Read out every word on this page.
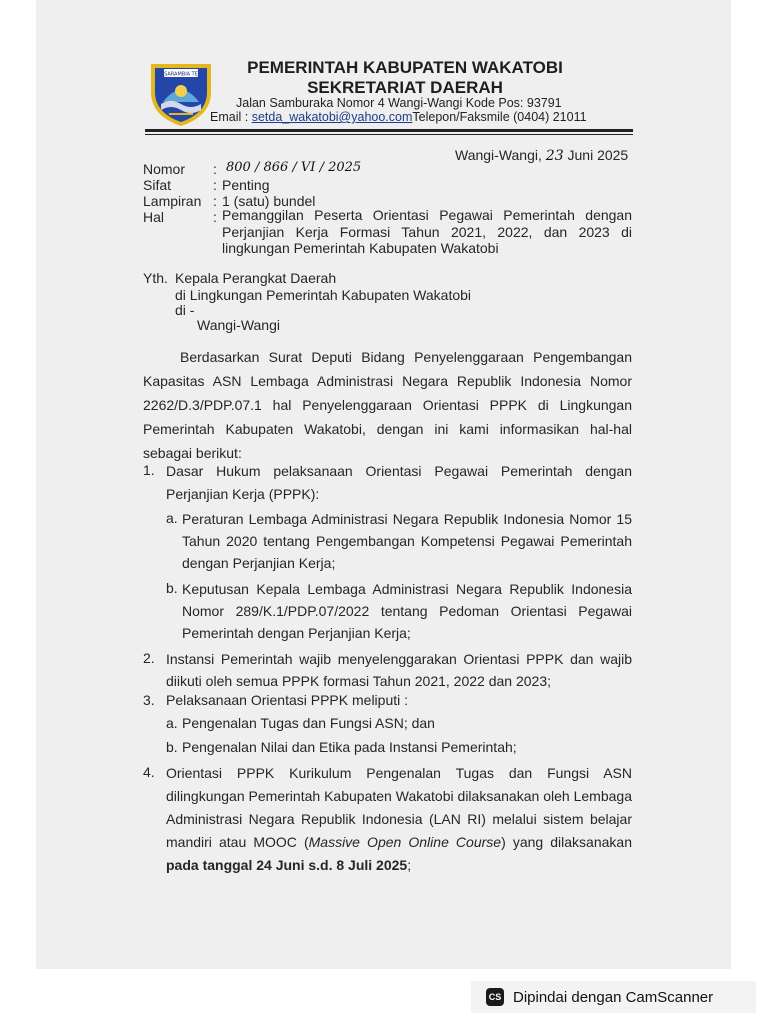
SARAMBIA TE	PEMERINTAH KABUPATEN WAKATOBI
SEKRETARIAT DAERAH
Jalan Samburaka Nomor 4 Wangi-Wangi Kode Pos: 93791
Email : setda_wakatobi@yahoo.comTelepon/Faksmile (0404) 21011
Wangi-Wangi, 23 Juni 2025
Nomor : 800 / 866 / VI / 2025
Sifat	: Penting
Lampiran : 1 (satu) bundel
Hal	: Pemanggilan Peserta Orientasi Pegawai Pemerintah dengan Perjanjian Kerja Formasi Tahun 2021, 2022, dan 2023 di lingkungan Pemerintah Kabupaten Wakatobi
Yth. Kepala Perangkat Daerah
di Lingkungan Pemerintah Kabupaten Wakatobi
di -
Wangi-Wangi
Berdasarkan Surat Deputi Bidang Penyelenggaraan Pengembangan Kapasitas ASN Lembaga Administrasi Negara Republik Indonesia Nomor 2262/D.3/PDP.07.1 hal Penyelenggaraan Orientasi PPPK di Lingkungan Pemerintah Kabupaten Wakatobi, dengan ini kami informasikan hal-hal sebagai berikut:
1. Dasar Hukum pelaksanaan Orientasi Pegawai Pemerintah dengan Perjanjian Kerja (PPPK):
a. Peraturan Lembaga Administrasi Negara Republik Indonesia Nomor 15 Tahun 2020 tentang Pengembangan Kompetensi Pegawai Pemerintah dengan Perjanjian Kerja;
b. Keputusan Kepala Lembaga Administrasi Negara Republik Indonesia Nomor 289/K.1/PDP.07/2022 tentang Pedoman Orientasi Pegawai Pemerintah dengan Perjanjian Kerja;
2. Instansi Pemerintah wajib menyelenggarakan Orientasi PPPK dan wajib diikuti oleh semua PPPK formasi Tahun 2021, 2022 dan 2023;
3. Pelaksanaan Orientasi PPPK meliputi :
a. Pengenalan Tugas dan Fungsi ASN; dan
b. Pengenalan Nilai dan Etika pada Instansi Pemerintah;
4. Orientasi PPPK Kurikulum Pengenalan Tugas dan Fungsi ASN dilingkungan Pemerintah Kabupaten Wakatobi dilaksanakan oleh Lembaga Administrasi Negara Republik Indonesia (LAN RI) melalui sistem belajar mandiri atau MOOC (Massive Open Online Course) yang dilaksanakan pada tanggal 24 Juni s.d. 8 Juli 2025;
CS Dipindai dengan CamScanner
